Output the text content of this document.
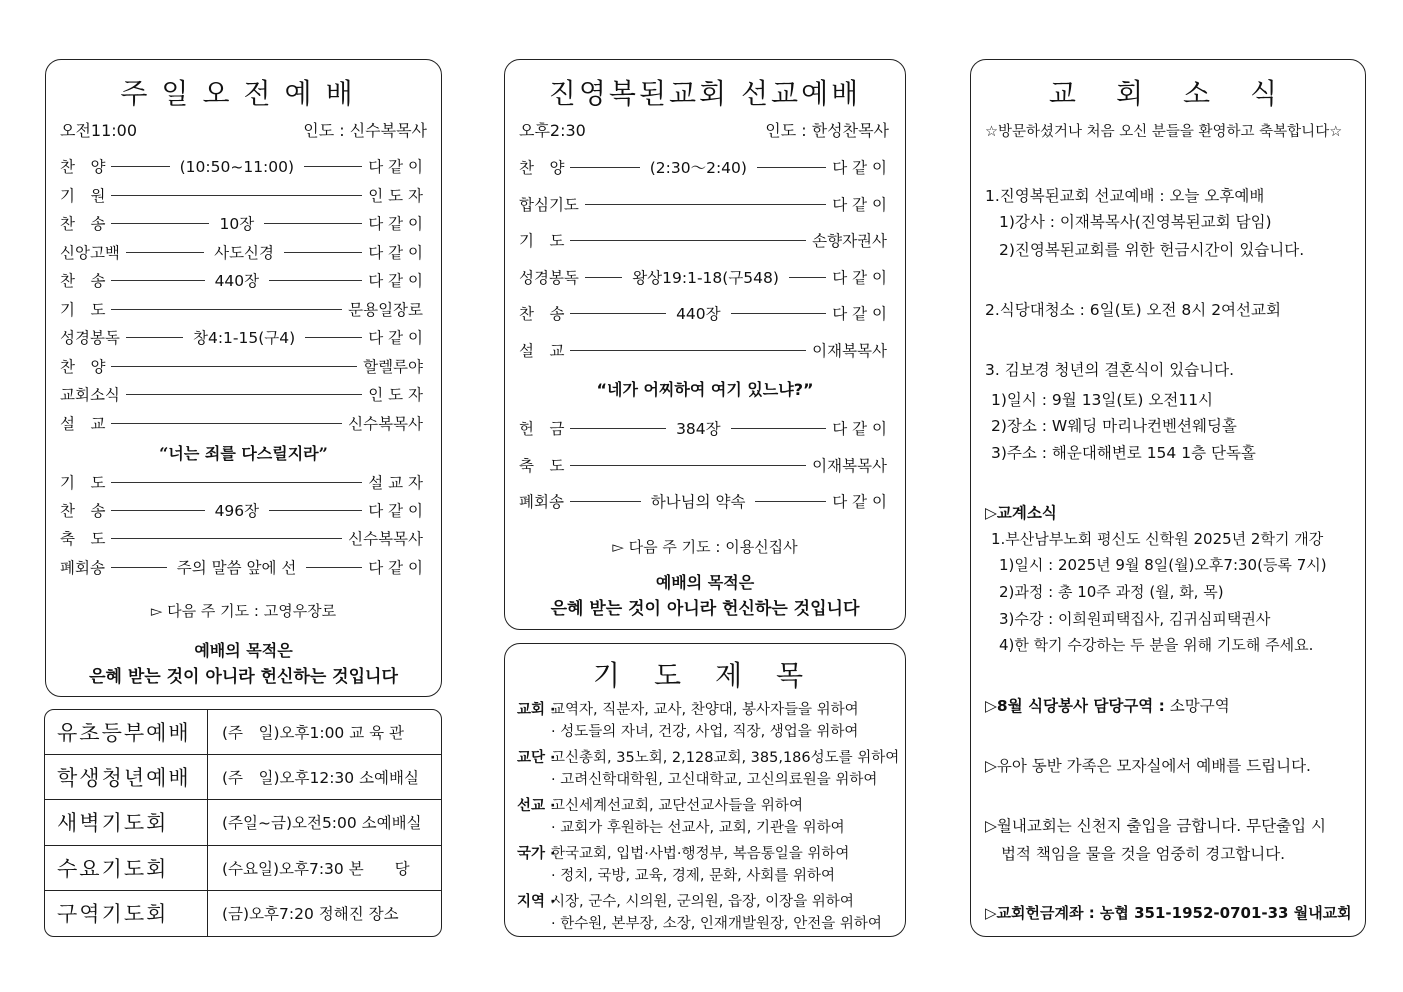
주일오전예배
오전11:00	인도 : 신수복목사
찬　양	(10:50~11:00)	다 같 이
기　원	인 도 자
찬　송	10장	다 같 이
신앙고백	사도신경	다 같 이
찬　송	440장	다 같 이
기　도	문용일장로
성경봉독	창4:1-15(구4)	다 같 이
찬　양	할렐루야
교회소식	인 도 자
설　교	신수복목사
“너는 죄를 다스릴지라”
기　도	설 교 자
찬　송	496장	다 같 이
축　도	신수복목사
폐회송	주의 말씀 앞에 선	다 같 이
▻ 다음 주 기도 : 고영우장로
예배의 목적은
은혜 받는 것이 아니라 헌신하는 것입니다
유초등부예배	(주　일)오후1:00 교 육 관
학생청년예배	(주　일)오후12:30 소예배실
새벽기도회	(주일~금)오전5:00 소예배실
수요기도회	(수요일)오후7:30 본　　당
구역기도회	(금)오후7:20 정해진 장소
진영복된교회 선교예배
오후2:30	인도 : 한성찬목사
찬　양	(2:30～2:40)	다 같 이
합심기도	다 같 이
기　도	손향자권사
성경봉독	왕상19:1-18(구548)	다 같 이
찬　송	440장	다 같 이
설　교	이재복목사
“네가 어찌하여 여기 있느냐?”
헌　금	384장	다 같 이
축　도	이재복목사
폐회송	하나님의 약속	다 같 이
▻ 다음 주 기도 : 이용신집사
예배의 목적은
은혜 받는 것이 아니라 헌신하는 것입니다
기도제목
교회 ·교역자, 직분자, 교사, 찬양대, 봉사자들을 위하여
· 성도들의 자녀, 건강, 사업, 직장, 생업을 위하여
교단 ·고신총회, 35노회, 2,128교회, 385,186성도를 위하여
· 고려신학대학원, 고신대학교, 고신의료원을 위하여
선교 ·고신세계선교회, 교단선교사들을 위하여
· 교회가 후원하는 선교사, 교회, 기관을 위하여
국가 ·한국교회, 입법·사법·행정부, 복음통일을 위하여
· 정치, 국방, 교육, 경제, 문화, 사회를 위하여
지역 ·시장, 군수, 시의원, 군의원, 읍장, 이장을 위하여
· 한수원, 본부장, 소장, 인재개발원장, 안전을 위하여
교회소식
☆방문하셨거나 처음 오신 분들을 환영하고 축복합니다☆
1.진영복된교회 선교예배 : 오늘 오후예배
1)강사 : 이재복목사(진영복된교회 담임)
2)진영복된교회를 위한 헌금시간이 있습니다.
2.식당대청소 : 6일(토) 오전 8시 2여선교회
3. 김보경 청년의 결혼식이 있습니다.
1)일시 : 9월 13일(토) 오전11시
2)장소 : W웨딩 마리나컨벤션웨딩홀
3)주소 : 해운대해변로 154 1층 단독홀
▷교계소식
1.부산남부노회 평신도 신학원 2025년 2학기 개강
1)일시 : 2025년 9월 8일(월)오후7:30(등록 7시)
2)과정 : 총 10주 과정 (월, 화, 목)
3)수강 : 이희원피택집사, 김귀심피택권사
4)한 학기 수강하는 두 분을 위해 기도해 주세요.
▷8월 식당봉사 담당구역 : 소망구역
▷유아 동반 가족은 모자실에서 예배를 드립니다.
▷월내교회는 신천지 출입을 금합니다. 무단출입 시
법적 책임을 물을 것을 엄중히 경고합니다.
▷교회헌금계좌 : 농협 351-1952-0701-33 월내교회
